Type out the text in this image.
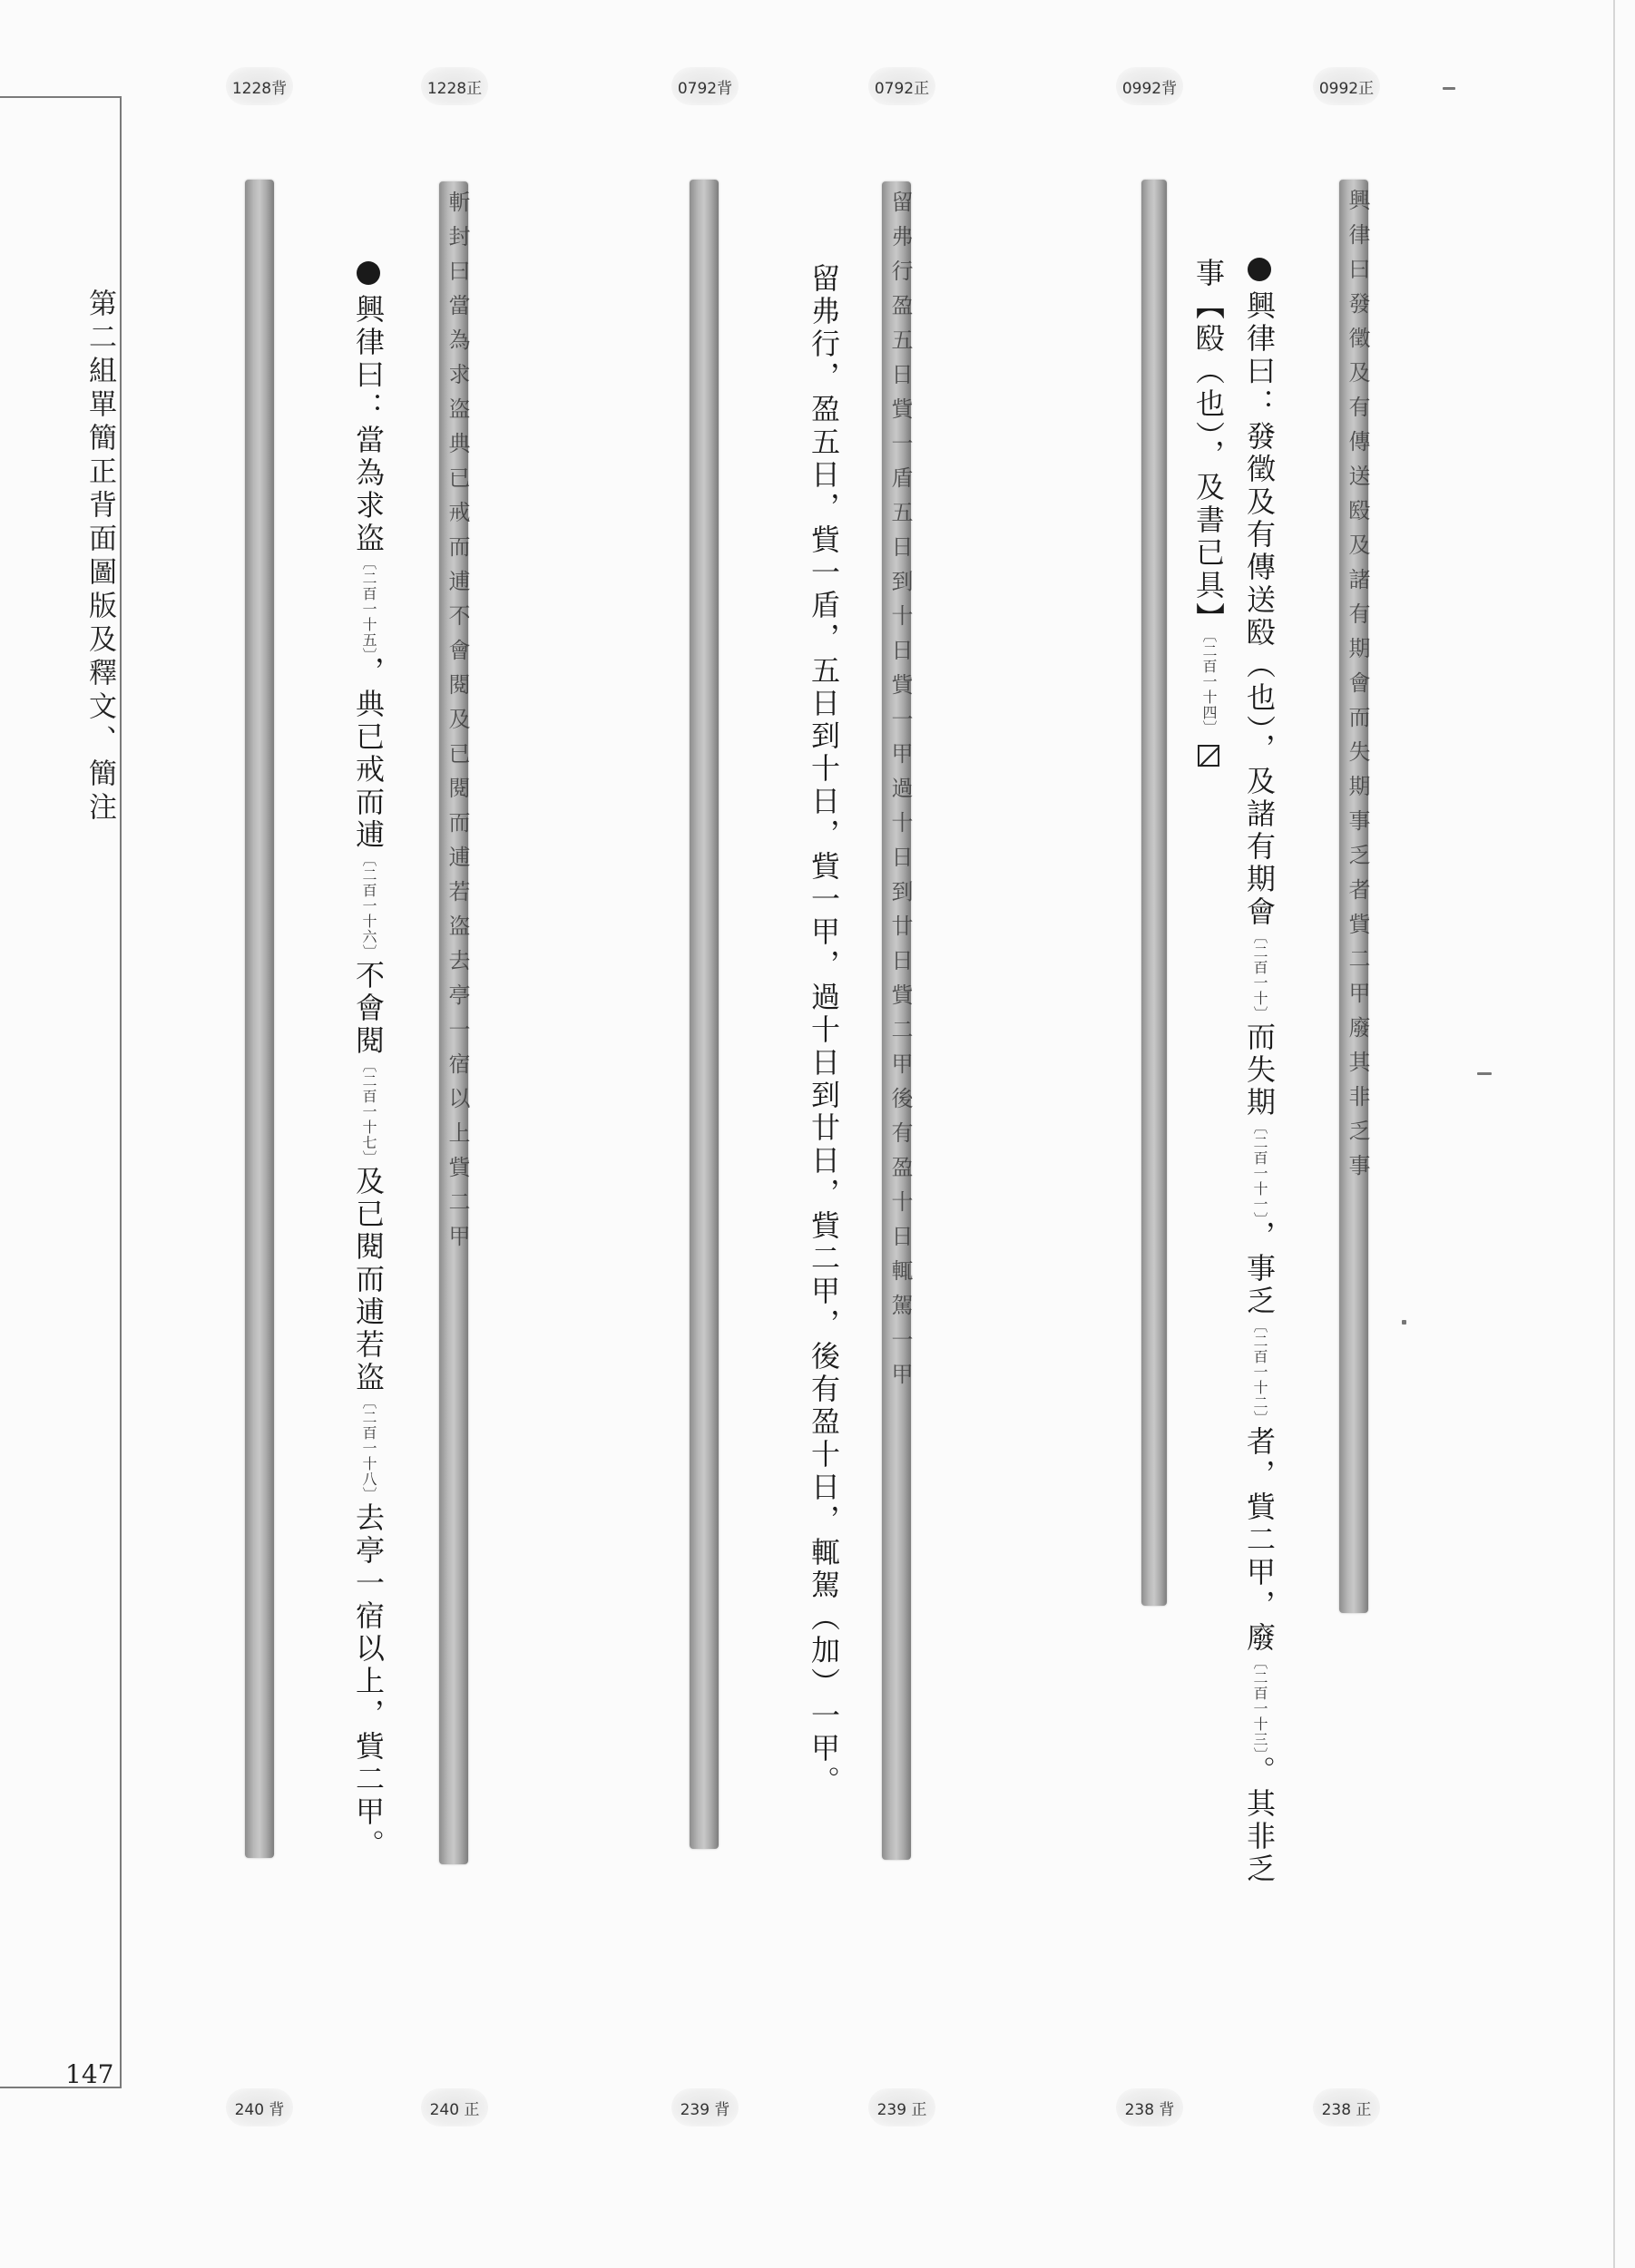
第二組單簡正背面圖版及釋文、簡注
147
1228背	1228正	0792背	0792正	0992背	0992正
240 背	240 正	239 背	239 正	238 背	238 正
斬封曰當為求盗典已戒而逋不會閱及已閱而逋若盗去亭一宿以上貲二甲	留弗行盈五日貲一盾五日到十日貲一甲過十日到廿日貲二甲後有盈十日輒駕一甲	興律曰發徵及有傳送殹及諸有期會而失期事乏者貲二甲廢其非乏事
興律曰：當為求盗〔二百一十五〕，典已戒而逋〔二百一十六〕不會閱〔二百一十七〕及已閱而逋若盗〔二百一十八〕去亭一宿以上，貲二甲。	留弗行，盈五日，貲一盾，五日到十日，貲一甲，過十日到廿日，貲二甲，後有盈十日，輒駕（加）一甲。	興律曰：發徵及有傳送殹（也），及諸有期會〔二百一十〕而失期〔二百一十一〕，事乏〔二百一十二〕者，貲二甲，廢〔二百一十三〕。其非乏
事【殹（也），及書已具】〔二百一十四〕
